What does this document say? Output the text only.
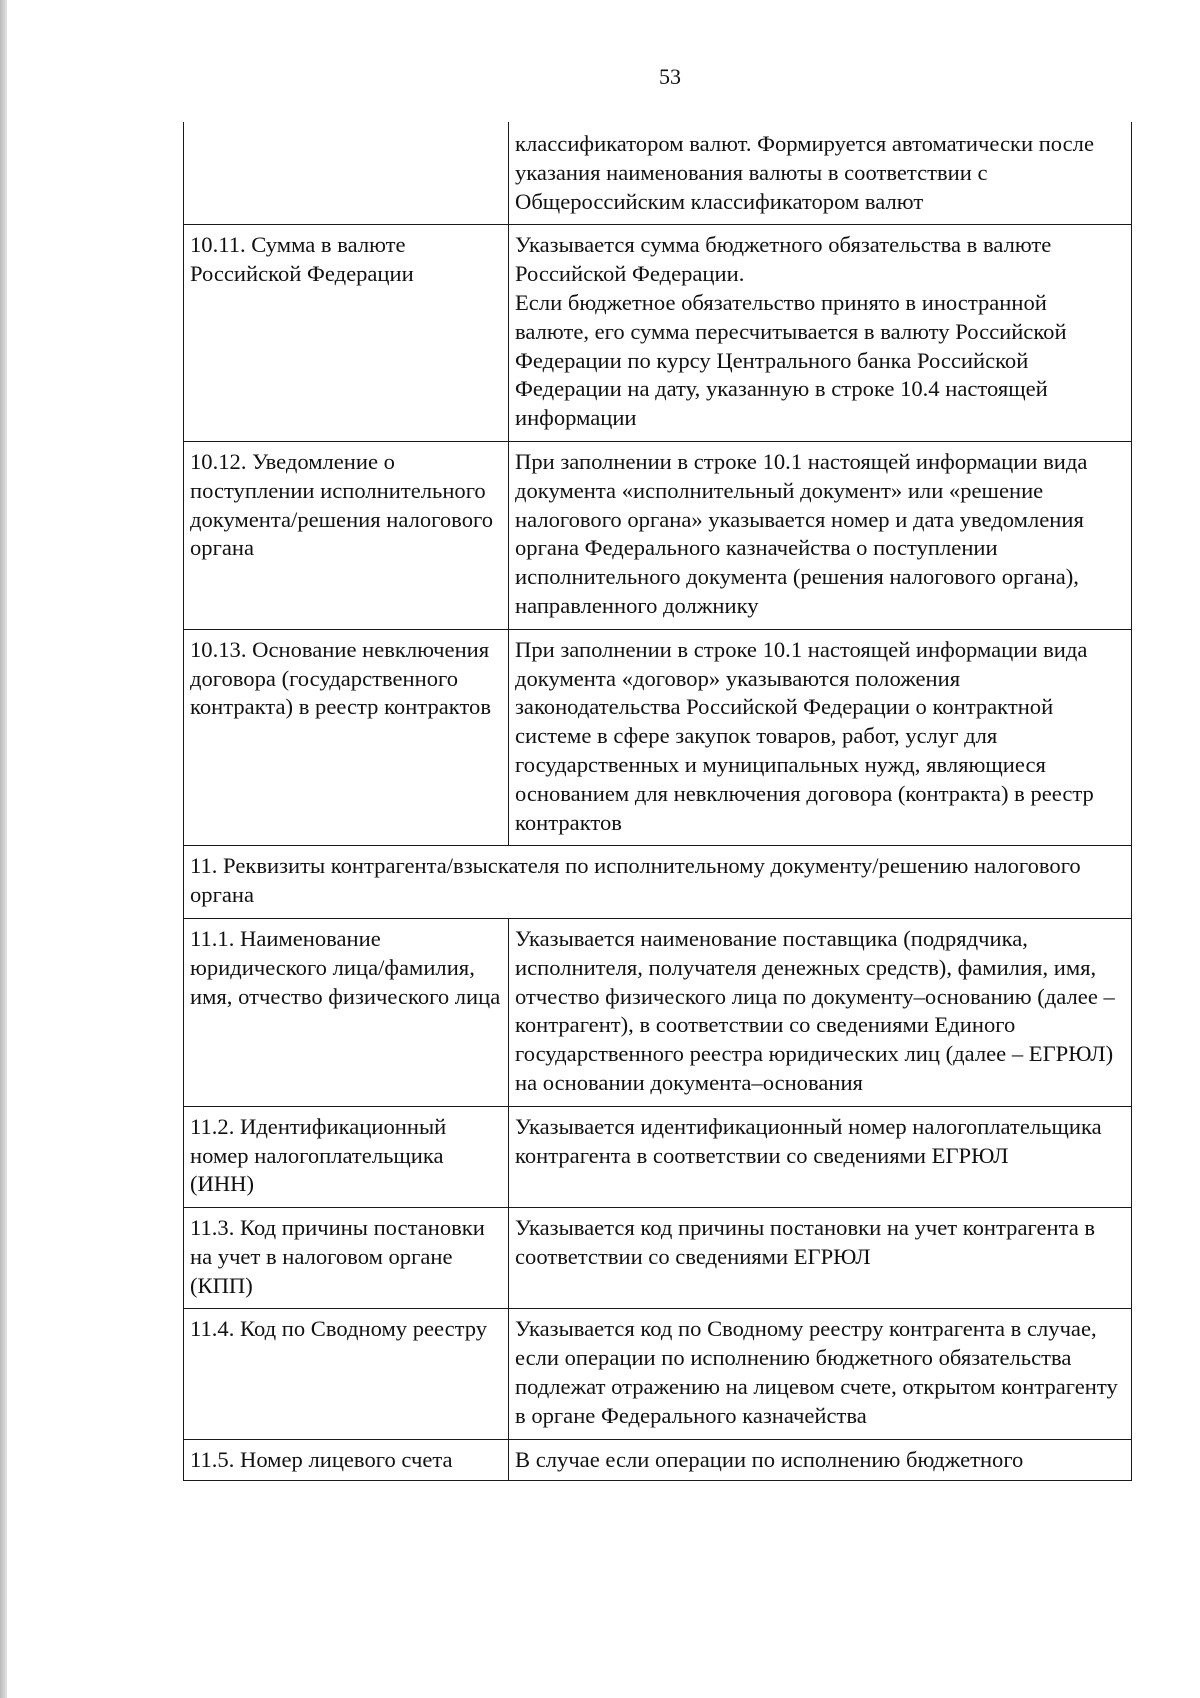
53
	классификатором валют. Формируется автоматически после указания наименования валюты в соответствии с Общероссийским классификатором валют
10.11. Сумма в валюте Российской Федерации	Указывается сумма бюджетного обязательства в валюте Российской Федерации.
Если бюджетное обязательство принято в иностранной валюте, его сумма пересчитывается в валюту Российской Федерации по курсу Центрального банка Российской Федерации на дату, указанную в строке 10.4 настоящей информации
10.12. Уведомление о поступлении исполнительного документа/решения налогового органа	При заполнении в строке 10.1 настоящей информации вида документа «исполнительный документ» или «решение налогового органа» указывается номер и дата уведомления органа Федерального казначейства о поступлении исполнительного документа (решения налогового органа), направленного должнику
10.13. Основание невключения договора (государственного контракта) в реестр контрактов	При заполнении в строке 10.1 настоящей информации вида документа «договор» указываются положения законодательства Российской Федерации о контрактной системе в сфере закупок товаров, работ, услуг для государственных и муниципальных нужд, являющиеся основанием для невключения договора (контракта) в реестр контрактов
11. Реквизиты контрагента/взыскателя по исполнительному документу/решению налогового органа	
11.1. Наименование юридического лица/фамилия, имя, отчество физического лица	Указывается наименование поставщика (подрядчика, исполнителя, получателя денежных средств), фамилия, имя, отчество физического лица по документу–основанию (далее – контрагент), в соответствии со сведениями Единого государственного реестра юридических лиц (далее – ЕГРЮЛ) на основании документа–основания
11.2. Идентификационный номер налогоплательщика (ИНН)	Указывается идентификационный номер налогоплательщика контрагента в соответствии со сведениями ЕГРЮЛ
11.3. Код причины постановки на учет в налоговом органе (КПП)	Указывается код причины постановки на учет контрагента в соответствии со сведениями ЕГРЮЛ
11.4. Код по Сводному реестру	Указывается код по Сводному реестру контрагента в случае, если операции по исполнению бюджетного обязательства подлежат отражению на лицевом счете, открытом контрагенту в органе Федерального казначейства
11.5. Номер лицевого счета	В случае если операции по исполнению бюджетного
